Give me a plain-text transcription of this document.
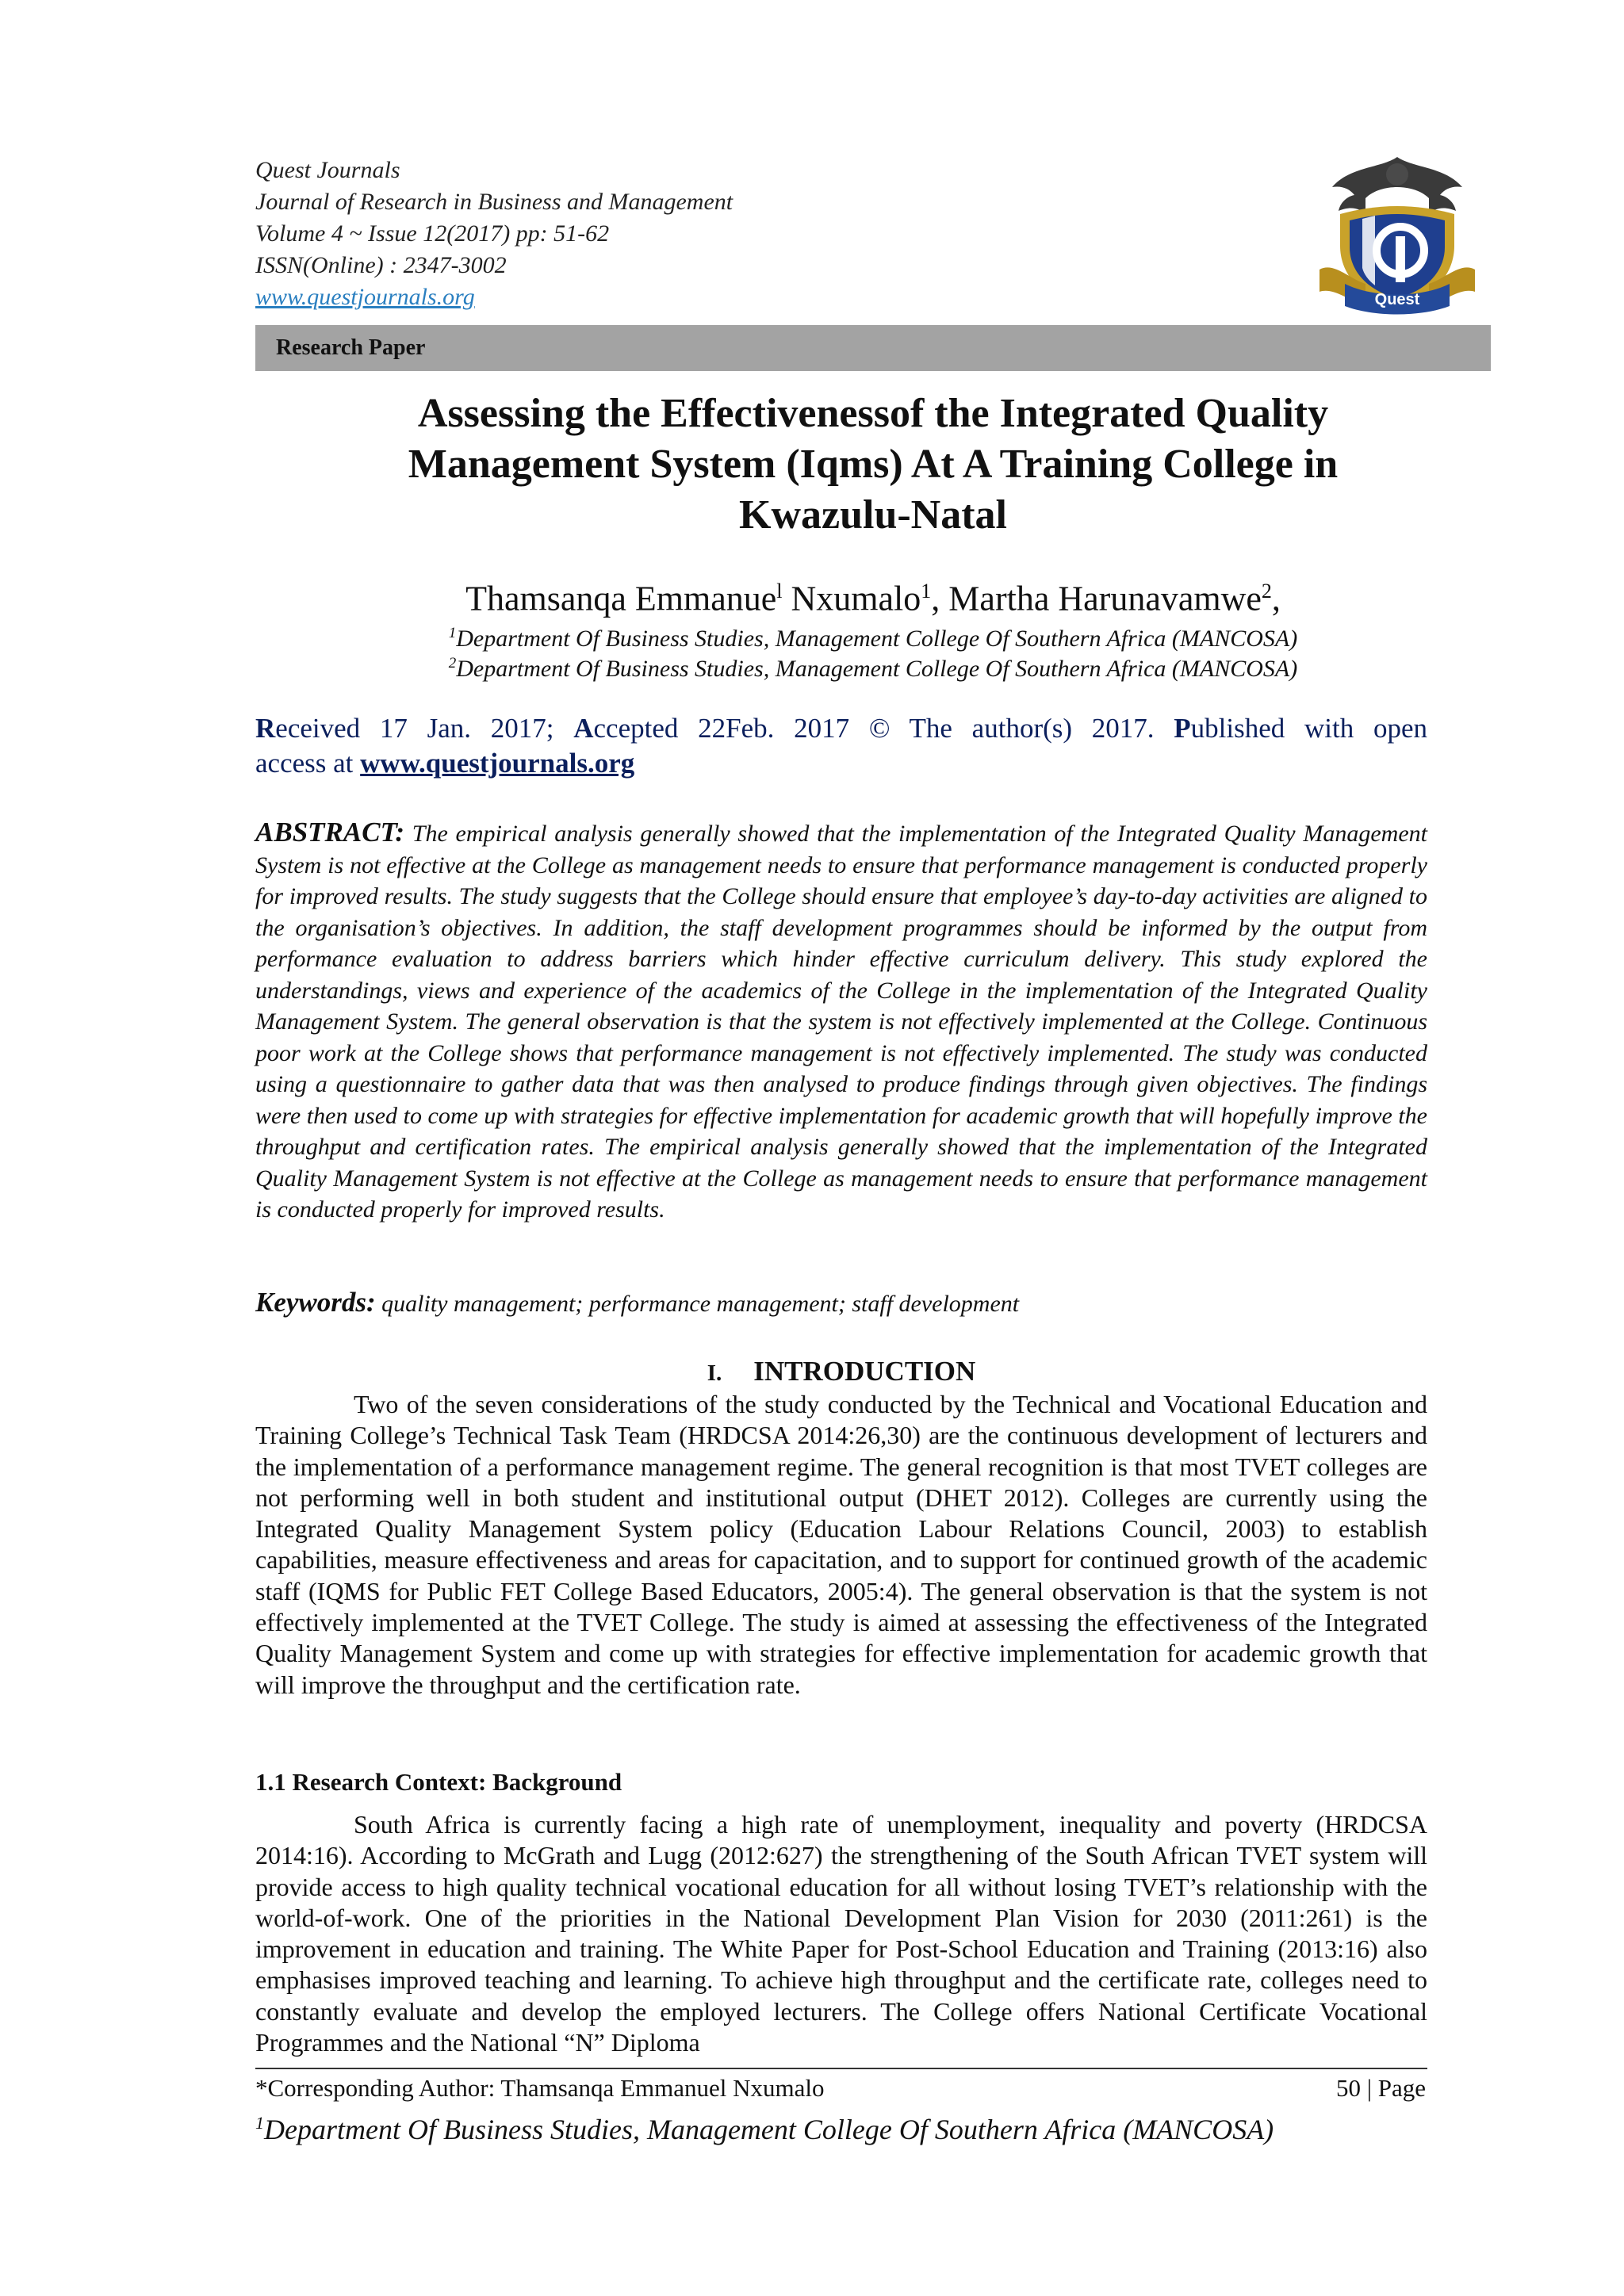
Quest Journals
Journal of Research in Business and Management
Volume 4 ~ Issue 12(2017) pp: 51-62
ISSN(Online) : 2347-3002
www.questjournals.org	Quest
Research Paper
Assessing the Effectivenessof the Integrated Quality
Management System (Iqms) At A Training College in
Kwazulu-Natal
Thamsanqa Emmanue$^l$ Nxumalo$^1$, Martha Harunavamwe$^2$,
$^1$Department Of Business Studies, Management College Of Southern Africa (MANCOSA)
$^2$Department Of Business Studies, Management College Of Southern Africa (MANCOSA)
Received 17 Jan. 2017; Accepted 22Feb. 2017 © The author(s) 2017. Published with open
access at www.questjournals.org
ABSTRACT: The empirical analysis generally showed that the implementation of the Integrated Quality Management System is not effective at the College as management needs to ensure that performance management is conducted properly for improved results. The study suggests that the College should ensure that employee’s day-to-day activities are aligned to the organisation’s objectives. In addition, the staff development programmes should be informed by the output from performance evaluation to address barriers which hinder effective curriculum delivery. This study explored the understandings, views and experience of the academics of the College in the implementation of the Integrated Quality Management System. The general observation is that the system is not effectively implemented at the College. Continuous poor work at the College shows that performance management is not effectively implemented. The study was conducted using a questionnaire to gather data that was then analysed to produce findings through given objectives. The findings were then used to come up with strategies for effective implementation for academic growth that will hopefully improve the throughput and certification rates. The empirical analysis generally showed that the implementation of the Integrated Quality Management System is not effective at the College as management needs to ensure that performance management is conducted properly for improved results.
Keywords: quality management; performance management; staff development
I. INTRODUCTION
Two of the seven considerations of the study conducted by the Technical and Vocational Education and Training College’s Technical Task Team (HRDCSA 2014:26,30) are the continuous development of lecturers and the implementation of a performance management regime. The general recognition is that most TVET colleges are not performing well in both student and institutional output (DHET 2012). Colleges are currently using the Integrated Quality Management System policy (Education Labour Relations Council, 2003) to establish capabilities, measure effectiveness and areas for capacitation, and to support for continued growth of the academic staff (IQMS for Public FET College Based Educators, 2005:4). The general observation is that the system is not effectively implemented at the TVET College. The study is aimed at assessing the effectiveness of the Integrated Quality Management System and come up with strategies for effective implementation for academic growth that will improve the throughput and the certification rate.
1.1 Research Context: Background
South Africa is currently facing a high rate of unemployment, inequality and poverty (HRDCSA 2014:16). According to McGrath and Lugg (2012:627) the strengthening of the South African TVET system will provide access to high quality technical vocational education for all without losing TVET’s relationship with the world-of-work. One of the priorities in the National Development Plan Vision for 2030 (2011:261) is the improvement in education and training. The White Paper for Post-School Education and Training (2013:16) also emphasises improved teaching and learning. To achieve high throughput and the certificate rate, colleges need to constantly evaluate and develop the employed lecturers. The College offers National Certificate Vocational Programmes and the National “N” Diploma
*Corresponding Author: Thamsanqa Emmanuel Nxumalo	50 | Page
$^1$Department Of Business Studies, Management College Of Southern Africa (MANCOSA)
